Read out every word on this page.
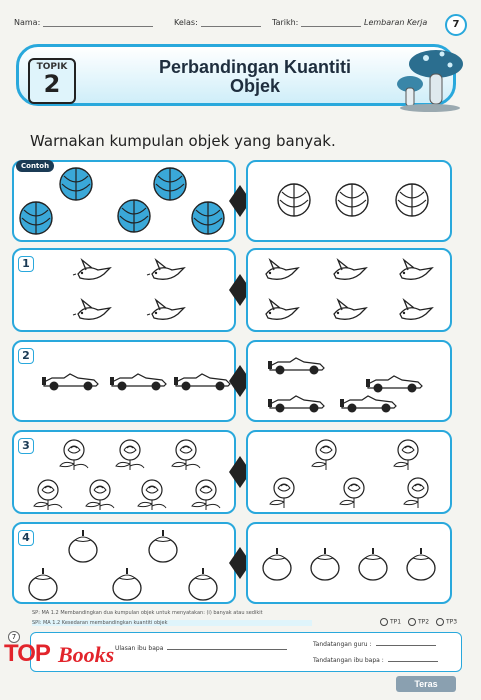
Nama:	Kelas:	Tarikh:	Lembaran Kerja	7
TOPIK
2
Perbandingan Kuantiti
Objek
Warnakan kumpulan objek yang banyak.
Contoh
1
2
3
4
SP: MA 1.2 Membandingkan dua kumpulan objek untuk menyatakan: (i) banyak atau sedikit
SPI: MA 1.2 Kesedaran membandingkan kuantiti objek	TP1	TP2	TP3
7
Ulasan ibu bapa
Tandatangan guru :
Tandatangan ibu bapa :
TOP Books
Teras
